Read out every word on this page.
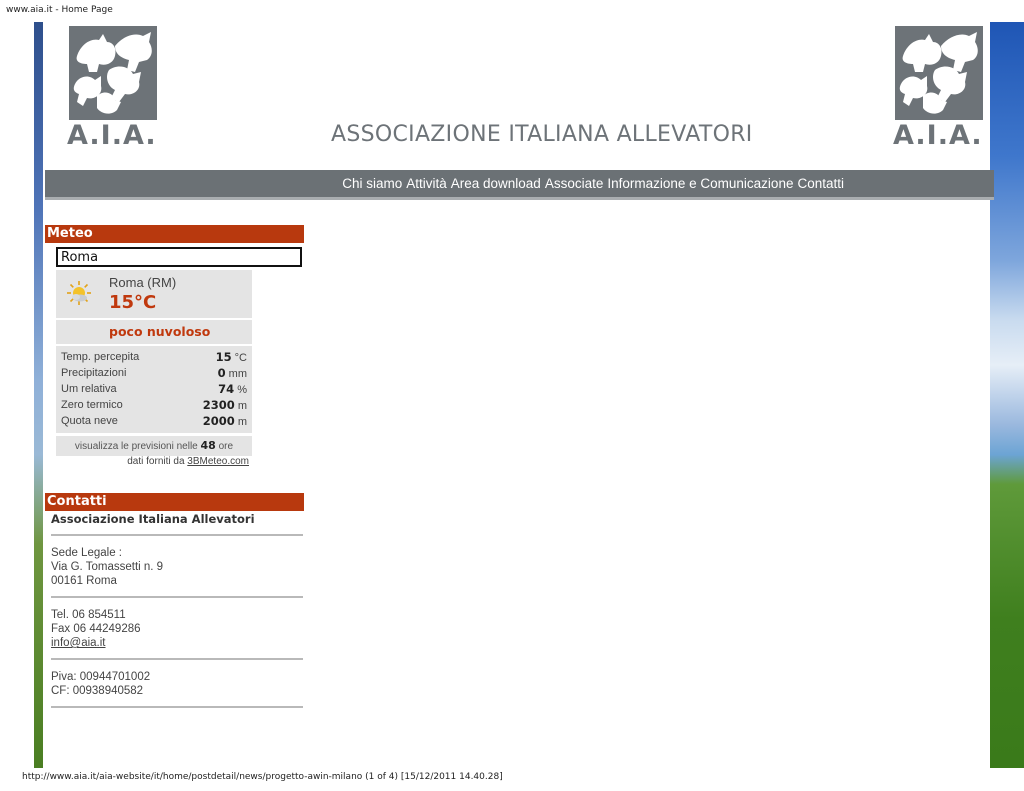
www.aia.it - Home Page
A.I.A.	ASSOCIAZIONE ITALIANA ALLEVATORI	A.I.A.
Chi siamo Attività Area download Associate Informazione e Comunicazione Contatti
Meteo
Roma
Roma (RM)
15°C
poco nuvoloso
Temp. percepita	15 °C
Precipitazioni	0 mm
Um relativa	74 %
Zero termico	2300 m
Quota neve	2000 m
visualizza le previsioni nelle 48 ore
dati forniti da 3BMeteo.com
Contatti
Associazione Italiana Allevatori
Sede Legale :
Via G. Tomassetti n. 9
00161 Roma
Tel. 06 854511
Fax 06 44249286
info@aia.it
Piva: 00944701002
CF: 00938940582
http://www.aia.it/aia-website/it/home/postdetail/news/progetto-awin-milano (1 of 4) [15/12/2011 14.40.28]
